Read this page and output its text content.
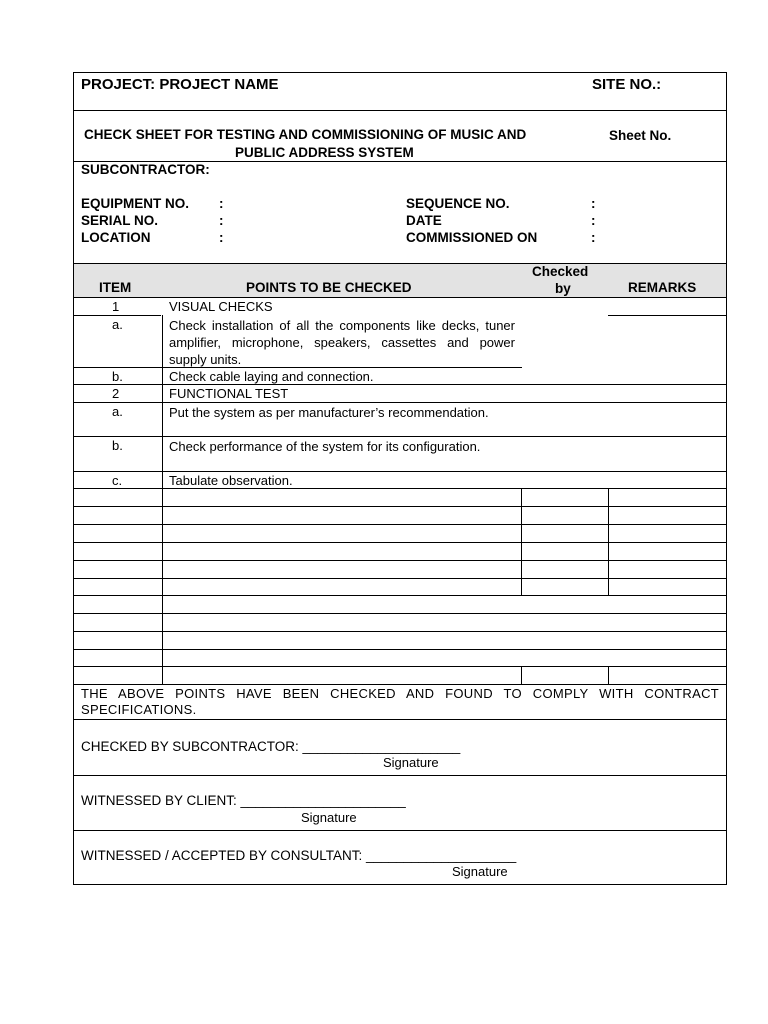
PROJECT: PROJECT NAME	SITE NO.:
CHECK SHEET FOR TESTING AND COMMISSIONING OF MUSIC AND
PUBLIC ADDRESS SYSTEM
Sheet No.
SUBCONTRACTOR:
EQUIPMENT NO. :
SERIAL NO.	:
LOCATION	:
SEQUENCE NO.	:
DATE	:
COMMISSIONED ON	:
ITEM	POINTS TO BE CHECKED
Checked
by	REMARKS
1	VISUAL CHECKS
a.	Check installation of all the components like decks, tuner amplifier, microphone, speakers, cassettes and power supply units.
b.	Check cable laying and connection.
2	FUNCTIONAL TEST
a.	Put the system as per manufacturer’s recommendation.
b.	Check performance of the system for its configuration.
c.	Tabulate observation.
THE ABOVE POINTS HAVE BEEN CHECKED AND FOUND TO COMPLY WITH CONTRACT SPECIFICATIONS.
CHECKED BY SUBCONTRACTOR: _____________________
Signature
WITNESSED BY CLIENT: ______________________
Signature
WITNESSED / ACCEPTED BY CONSULTANT: ____________________
Signature
